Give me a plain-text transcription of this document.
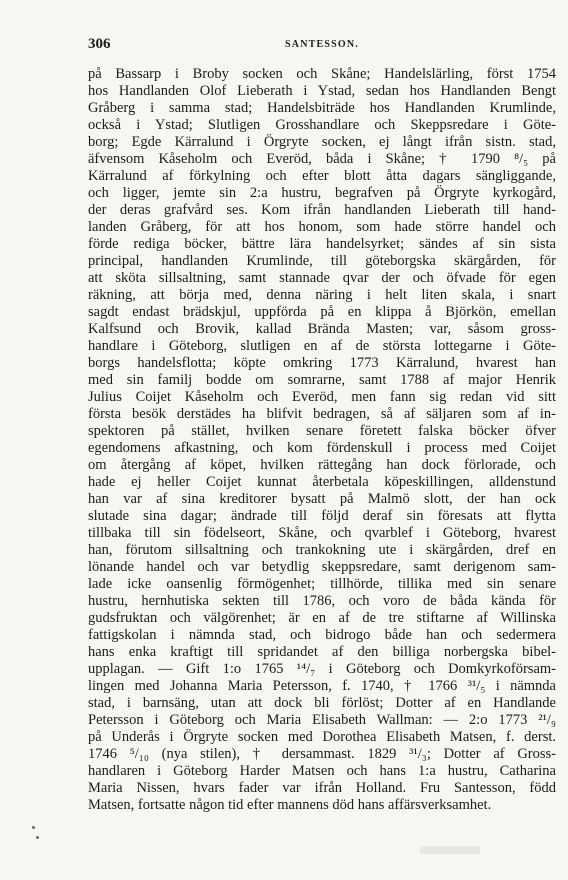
306	SANTESSON.
på Bassarp i Broby socken och Skåne; Handelslärling, först 1754
hos Handlanden Olof Lieberath i Ystad, sedan hos Handlanden Bengt
Gråberg i samma stad; Handelsbiträde hos Handlanden Krumlinde,
också i Ystad; Slutligen Grosshandlare och Skeppsredare i Göte-
borg; Egde Kärralund i Örgryte socken, ej långt ifrån sistn. stad,
äfvensom Kåseholm och Everöd, båda i Skåne; † 1790 ⁸/₅ på
Kärralund af förkylning och efter blott åtta dagars sängliggande,
och ligger, jemte sin 2:a hustru, begrafven på Örgryte kyrkogård,
der deras grafvård ses. Kom ifrån handlanden Lieberath till hand-
landen Gråberg, för att hos honom, som hade större handel och
förde rediga böcker, bättre lära handelsyrket; sändes af sin sista
principal, handlanden Krumlinde, till göteborgska skärgården, för
att sköta sillsaltning, samt stannade qvar der och öfvade för egen
räkning, att börja med, denna näring i helt liten skala, i snart
sagdt endast brädskjul, uppförda på en klippa å Björkön, emellan
Kalfsund och Brovik, kallad Brända Masten; var, såsom gross-
handlare i Göteborg, slutligen en af de största lottegarne i Göte-
borgs handelsflotta; köpte omkring 1773 Kärralund, hvarest han
med sin familj bodde om somrarne, samt 1788 af major Henrik
Julius Coijet Kåseholm och Everöd, men fann sig redan vid sitt
första besök derstädes ha blifvit bedragen, så af säljaren som af in-
spektoren på stället, hvilken senare företett falska böcker öfver
egendomens afkastning, och kom fördenskull i process med Coijet
om återgång af köpet, hvilken rättegång han dock förlorade, och
hade ej heller Coijet kunnat återbetala köpeskillingen, alldenstund
han var af sina kreditorer bysatt på Malmö slott, der han ock
slutade sina dagar; ändrade till följd deraf sin föresats att flytta
tillbaka till sin födelseort, Skåne, och qvarblef i Göteborg, hvarest
han, förutom sillsaltning och trankokning ute i skärgården, dref en
lönande handel och var betydlig skeppsredare, samt derigenom sam-
lade icke oansenlig förmögenhet; tillhörde, tillika med sin senare
hustru, hernhutiska sekten till 1786, och voro de båda kända för
gudsfruktan och välgörenhet; är en af de tre stiftarne af Willinska
fattigskolan i nämnda stad, och bidrogo både han och sedermera
hans enka kraftigt till spridandet af den billiga norbergska bibel-
upplagan. — Gift 1:o 1765 ¹⁴/₇ i Göteborg och Domkyrkoförsam-
lingen med Johanna Maria Petersson, f. 1740, † 1766 ³¹/₅ i nämnda
stad, i barnsäng, utan att dock bli förlöst; Dotter af en Handlande
Petersson i Göteborg och Maria Elisabeth Wallman: — 2:o 1773 ²¹/₉
på Underås i Örgryte socken med Dorothea Elisabeth Matsen, f. derst.
1746 ⁵/₁₀ (nya stilen), † dersammast. 1829 ³¹/₃; Dotter af Gross-
handlaren i Göteborg Harder Matsen och hans 1:a hustru, Catharina
Maria Nissen, hvars fader var ifrån Holland. Fru Santesson, född
Matsen, fortsatte någon tid efter mannens död hans affärsverksamhet.
